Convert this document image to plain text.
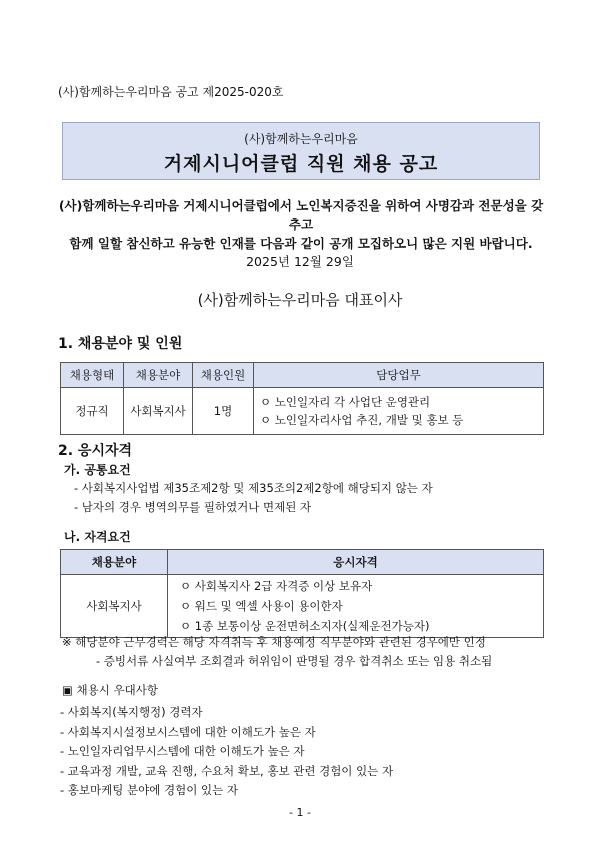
(사)함께하는우리마음 공고 제2025-020호
(사)함께하는우리마음
거제시니어클럽 직원 채용 공고
(사)함께하는우리마음 거제시니어클럽에서 노인복지증진을 위하여 사명감과 전문성을 갖추고
함께 일할 참신하고 유능한 인재를 다음과 같이 공개 모집하오니 많은 지원 바랍니다.
2025년 12월 29일
(사)함께하는우리마음 대표이사
1. 채용분야 및 인원
채용형태	채용분야	채용인원	담당업무
정규직	사회복지사	1명	ㅇ 노인일자리 각 사업단 운영관리
ㅇ 노인일자리사업 추진, 개발 및 홍보 등
2. 응시자격
가. 공통요건
- 사회복지사업법 제35조제2항 및 제35조의2제2항에 해당되지 않는 자
- 남자의 경우 병역의무를 필하였거나 면제된 자
나. 자격요건
채용분야	응시자격
사회복지사	ㅇ 사회복지사 2급 자격증 이상 보유자
ㅇ 워드 및 엑셀 사용이 용이한자
ㅇ 1종 보통이상 운전면허소지자(실제운전가능자)
※ 해당분야 근무경력은 해당 자격취득 후 채용예정 직무분야와 관련된 경우에만 인정
- 증빙서류 사실여부 조회결과 허위임이 판명될 경우 합격취소 또는 임용 취소됨
▣ 채용시 우대사항
- 사회복지(복지행정) 경력자
- 사회복지시설정보시스템에 대한 이해도가 높은 자
- 노인일자리업무시스템에 대한 이해도가 높은 자
- 교육과정 개발, 교육 진행, 수요처 확보, 홍보 관련 경험이 있는 자
- 홍보마케팅 분야에 경험이 있는 자
- 1 -
